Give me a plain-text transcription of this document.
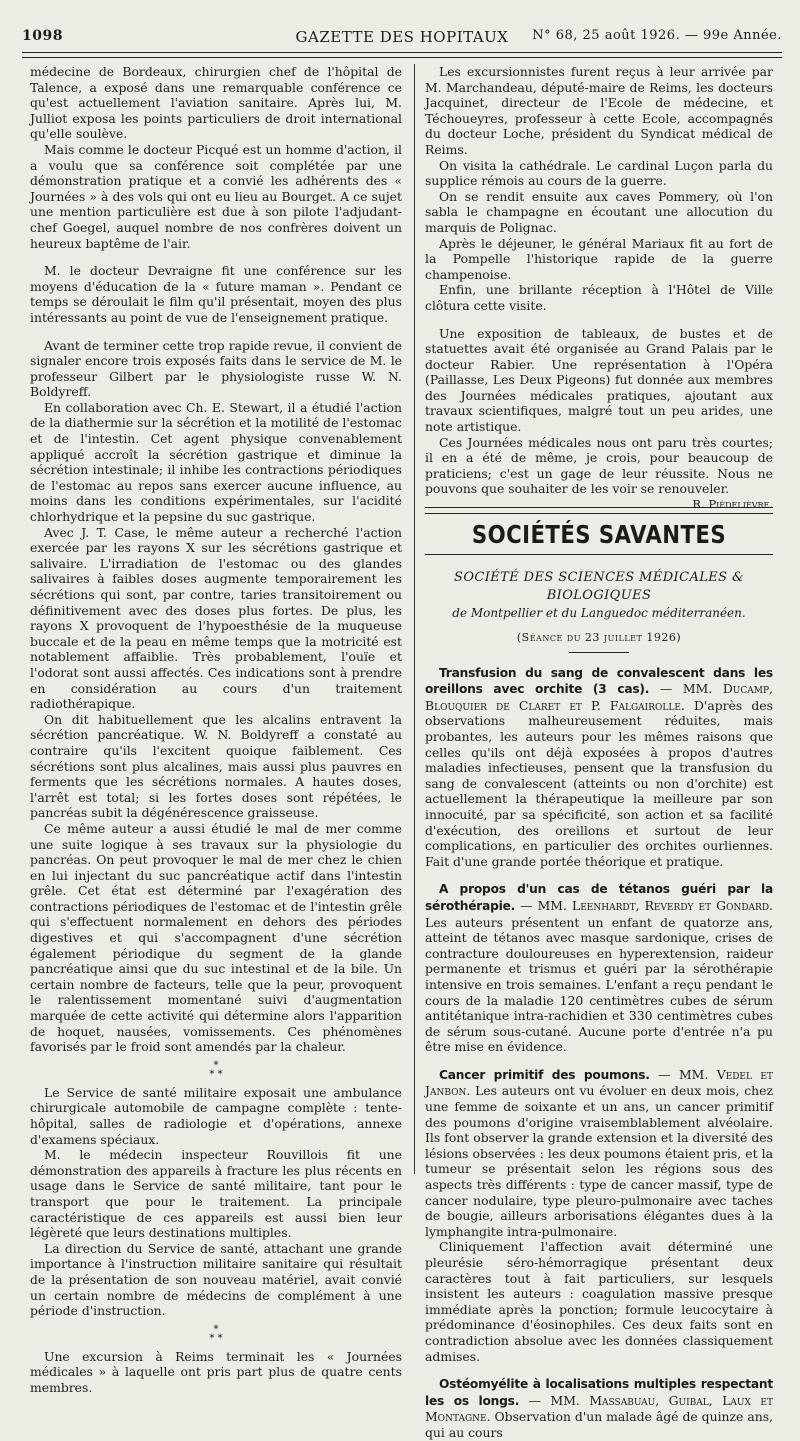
1098	GAZETTE DES HOPITAUX	N° 68, 25 août 1926. — 99e Année.

médecine de Bordeaux, chirurgien chef de l'hôpital de Talence, a exposé dans une remarquable conférence ce qu'est actuellement l'aviation sanitaire. Après lui, M. Julliot exposa les points particuliers de droit international qu'elle soulève.

Mais comme le docteur Picqué est un homme d'action, il a voulu que sa conférence soit complétée par une démonstration pratique et a convié les adhérents des « Journées » à des vols qui ont eu lieu au Bourget. A ce sujet une mention particulière est due à son pilote l'adjudant-chef Goegel, auquel nombre de nos confrères doivent un heureux baptême de l'air.

M. le docteur Devraigne fit une conférence sur les moyens d'éducation de la « future maman ». Pendant ce temps se déroulait le film qu'il présentait, moyen des plus intéressants au point de vue de l'enseignement pratique.

Avant de terminer cette trop rapide revue, il convient de signaler encore trois exposés faits dans le service de M. le professeur Gilbert par le physiologiste russe W. N. Boldyreff.

En collaboration avec Ch. E. Stewart, il a étudié l'action de la diathermie sur la sécrétion et la motilité de l'estomac et de l'intestin. Cet agent physique convenablement appliqué accroît la sécrétion gastrique et diminue la sécrétion intestinale; il inhibe les contractions périodiques de l'estomac au repos sans exercer aucune influence, au moins dans les conditions expérimentales, sur l'acidité chlorhydrique et la pepsine du suc gastrique.

Avec J. T. Case, le même auteur a recherché l'action exercée par les rayons X sur les sécrétions gastrique et salivaire. L'irradiation de l'estomac ou des glandes salivaires à faibles doses augmente temporairement les sécrétions qui sont, par contre, taries transitoirement ou définitivement avec des doses plus fortes. De plus, les rayons X provoquent de l'hypoesthésie de la muqueuse buccale et de la peau en même temps que la motricité est notablement affaiblie. Très probablement, l'ouïe et l'odorat sont aussi affectés. Ces indications sont à prendre en considération au cours d'un traitement radiothérapique.

On dit habituellement que les alcalins entravent la sécrétion pancréatique. W. N. Boldyreff a constaté au contraire qu'ils l'excitent quoique faiblement. Ces sécrétions sont plus alcalines, mais aussi plus pauvres en ferments que les sécrétions normales. A hautes doses, l'arrêt est total; si les fortes doses sont répétées, le pancréas subit la dégénérescence graisseuse.

Ce même auteur a aussi étudié le mal de mer comme une suite logique à ses travaux sur la physiologie du pancréas. On peut provoquer le mal de mer chez le chien en lui injectant du suc pancréatique actif dans l'intestin grêle. Cet état est déterminé par l'exagération des contractions périodiques de l'estomac et de l'intestin grêle qui s'effectuent normalement en dehors des périodes digestives et qui s'accompagnent d'une sécrétion également périodique du segment de la glande pancréatique ainsi que du suc intestinal et de la bile. Un certain nombre de facteurs, telle que la peur, provoquent le ralentissement momentané suivi d'augmentation marquée de cette activité qui détermine alors l'apparition de hoquet, nausées, vomissements. Ces phénomènes favorisés par le froid sont amendés par la chaleur.

*
* *

Le Service de santé militaire exposait une ambulance chirurgicale automobile de campagne complète : tente-hôpital, salles de radiologie et d'opérations, annexe d'examens spéciaux.

M. le médecin inspecteur Rouvillois fit une démonstration des appareils à fracture les plus récents en usage dans le Service de santé militaire, tant pour le transport que pour le traitement. La principale caractéristique de ces appareils est aussi bien leur légèreté que leurs destinations multiples.

La direction du Service de santé, attachant une grande importance à l'instruction militaire sanitaire qui résultait de la présentation de son nouveau matériel, avait convié un certain nombre de médecins de complément à une période d'instruction.

*
* *

Une excursion à Reims terminait les « Journées médicales » à laquelle ont pris part plus de quatre cents membres.

Les excursionnistes furent reçus à leur arrivée par M. Marchandeau, député-maire de Reims, les docteurs Jacquinet, directeur de l'Ecole de médecine, et Téchoueyres, professeur à cette Ecole, accompagnés du docteur Loche, président du Syndicat médical de Reims.

On visita la cathédrale. Le cardinal Luçon parla du supplice rémois au cours de la guerre.

On se rendit ensuite aux caves Pommery, où l'on sabla le champagne en écoutant une allocution du marquis de Polignac.

Après le déjeuner, le général Mariaux fit au fort de la Pompelle l'historique rapide de la guerre champenoise.

Enfin, une brillante réception à l'Hôtel de Ville clôtura cette visite.

Une exposition de tableaux, de bustes et de statuettes avait été organisée au Grand Palais par le docteur Rabier. Une représentation à l'Opéra (Paillasse, Les Deux Pigeons) fut donnée aux membres des Journées médicales pratiques, ajoutant aux travaux scientifiques, malgré tout un peu arides, une note artistique.

Ces Journées médicales nous ont paru très courtes; il en a été de même, je crois, pour beaucoup de praticiens; c'est un gage de leur réussite. Nous ne pouvons que souhaiter de les voir se renouveler.
R. Piédelièvre.

SOCIÉTÉS SAVANTES
SOCIÉTÉ DES SCIENCES MÉDICALES & BIOLOGIQUES
de Montpellier et du Languedoc méditerranéen.
(Séance du 23 juillet 1926)

Transfusion du sang de convalescent dans les oreillons avec orchite (3 cas). — MM. Ducamp, Blouquier de Claret et P. Falgairolle. D'après des observations malheureusement réduites, mais probantes, les auteurs pour les mêmes raisons que celles qu'ils ont déjà exposées à propos d'autres maladies infectieuses, pensent que la transfusion du sang de convalescent (atteints ou non d'orchite) est actuellement la thérapeutique la meilleure par son innocuité, par sa spécificité, son action et sa facilité d'exécution, des oreillons et surtout de leur complications, en particulier des orchites ourliennes. Fait d'une grande portée théorique et pratique.

A propos d'un cas de tétanos guéri par la sérothérapie. — MM. Leenhardt, Reverdy et Gondard. Les auteurs présentent un enfant de quatorze ans, atteint de tétanos avec masque sardonique, crises de contracture douloureuses en hyperextension, raideur permanente et trismus et guéri par la sérothérapie intensive en trois semaines. L'enfant a reçu pendant le cours de la maladie 120 centimètres cubes de sérum antitétanique intra-rachidien et 330 centimètres cubes de sérum sous-cutané. Aucune porte d'entrée n'a pu être mise en évidence.

Cancer primitif des poumons. — MM. Vedel et Janbon. Les auteurs ont vu évoluer en deux mois, chez une femme de soixante et un ans, un cancer primitif des poumons d'origine vraisemblablement alvéolaire. Ils font observer la grande extension et la diversité des lésions observées : les deux poumons étaient pris, et la tumeur se présentait selon les régions sous des aspects très différents : type de cancer massif, type de cancer nodulaire, type pleuro-pulmonaire avec taches de bougie, ailleurs arborisations élégantes dues à la lymphangite intra-pulmonaire.

Cliniquement l'affection avait déterminé une pleurésie séro-hémorragique présentant deux caractères tout à fait particuliers, sur lesquels insistent les auteurs : coagulation massive presque immédiate après la ponction; formule leucocytaire à prédominance d'éosinophiles. Ces deux faits sont en contradiction absolue avec les données classiquement admises.

Ostéomyélite à localisations multiples respectant les os longs. — MM. Massabuau, Guibal, Laux et Montagne. Observation d'un malade âgé de quinze ans, qui au cours
